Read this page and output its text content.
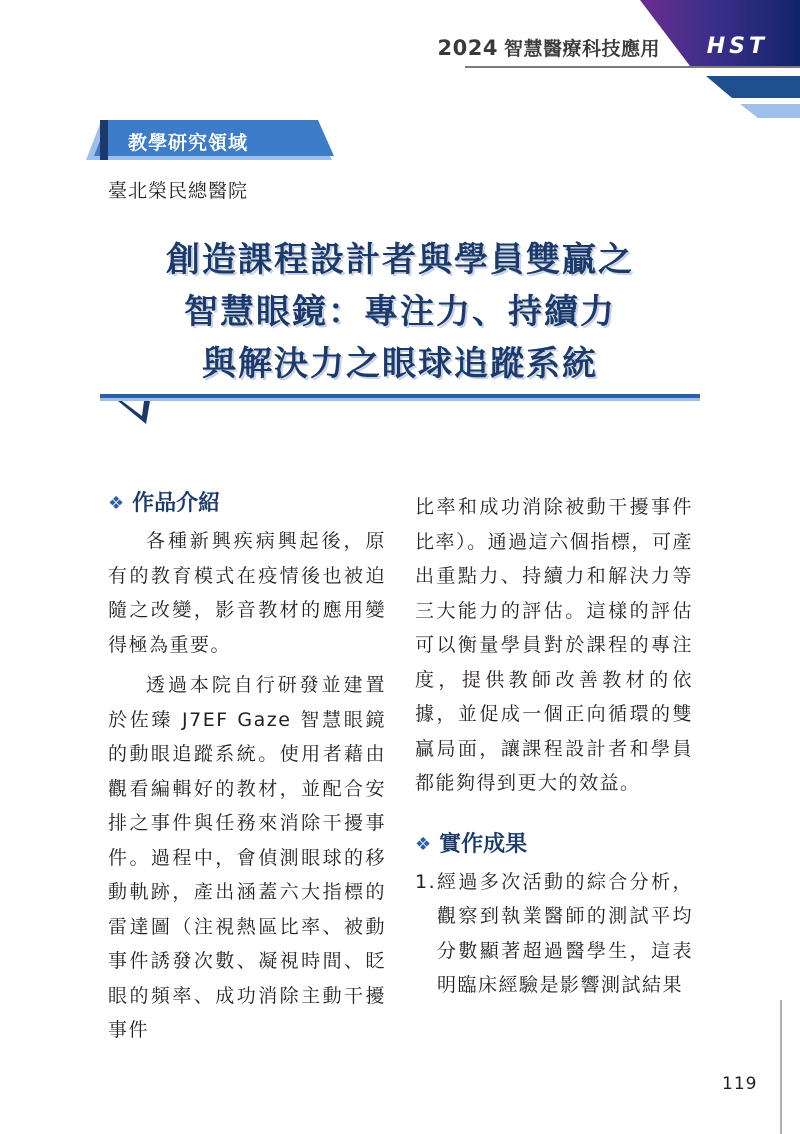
2024 智慧醫療科技應用 HST
教學研究領域
臺北榮民總醫院
創造課程設計者與學員雙贏之
智慧眼鏡：專注力、持續力
與解決力之眼球追蹤系統
❖ 作品介紹

各種新興疾病興起後，原有的教育模式在疫情後也被迫隨之改變，影音教材的應用變得極為重要。

透過本院自行研發並建置於佐臻 J7EF Gaze 智慧眼鏡的動眼追蹤系統。使用者藉由觀看編輯好的教材，並配合安排之事件與任務來消除干擾事件。過程中，會偵測眼球的移動軌跡，產出涵蓋六大指標的雷達圖（注視熱區比率、被動事件誘發次數、凝視時間、眨眼的頻率、成功消除主動干擾事件

比率和成功消除被動干擾事件比率）。通過這六個指標，可產出重點力、持續力和解決力等三大能力的評估。這樣的評估可以衡量學員對於課程的專注度，提供教師改善教材的依據，並促成一個正向循環的雙贏局面，讓課程設計者和學員都能夠得到更大的效益。

❖ 實作成果
1. 經過多次活動的綜合分析，觀察到執業醫師的測試平均分數顯著超過醫學生，這表明臨床經驗是影響測試結果
119
